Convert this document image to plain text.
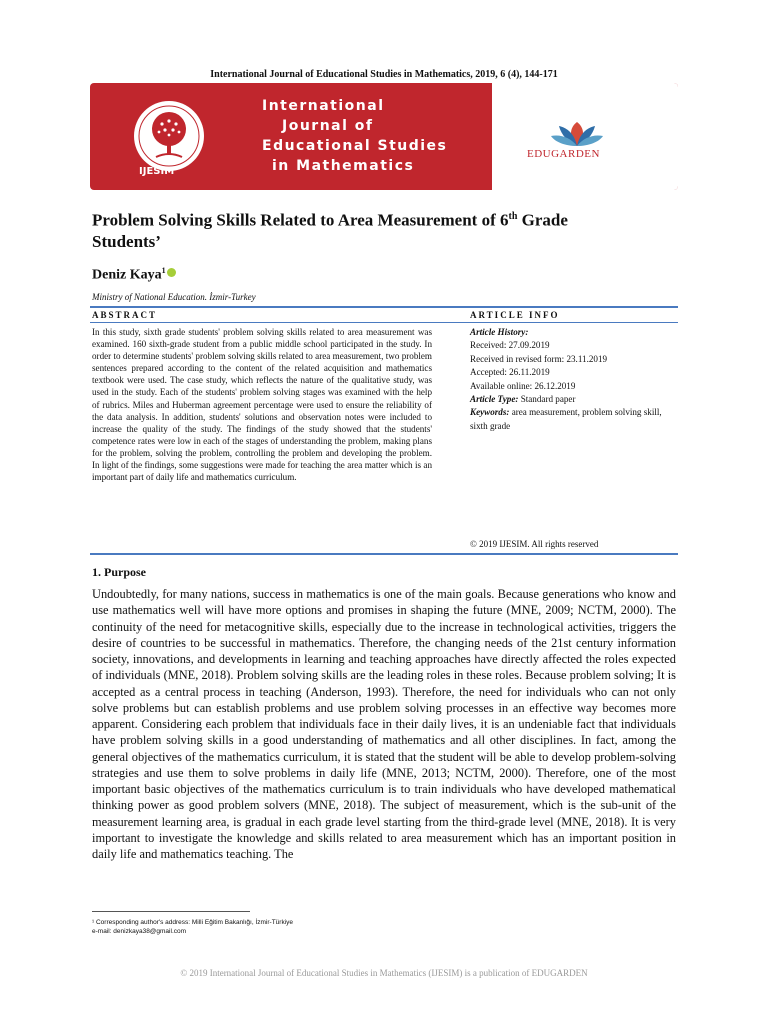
International Journal of Educational Studies in Mathematics, 2019, 6 (4), 144-171
IJESIM
International
Journal of
Educational Studies
in Mathematics
EDUGARDEN
Problem Solving Skills Related to Area Measurement of 6th Grade
Students’
Deniz Kaya$^1$
Ministry of National Education. İzmir-Turkey
ABSTRACT	ARTICLE INFO
In this study, sixth grade students' problem solving skills related to area measurement was examined. 160 sixth-grade student from a public middle school participated in the study. In order to determine students' problem solving skills related to area measurement, two problem sentences prepared according to the content of the related acquisition and mathematics textbook were used. The case study, which reflects the nature of the qualitative study, was used in the study. Each of the students' problem solving stages was examined with the help of rubrics. Miles and Huberman agreement percentage were used to ensure the reliability of the data analysis. In addition, students' solutions and observation notes were included to increase the quality of the study. The findings of the study showed that the students' competence rates were low in each of the stages of understanding the problem, making plans for the problem, solving the problem, controlling the problem and developing the problem. In light of the findings, some suggestions were made for teaching the area matter which is an important part of daily life and mathematics curriculum.
Article History:
Received: 27.09.2019
Received in revised form: 23.11.2019
Accepted: 26.11.2019
Available online: 26.12.2019
Article Type: Standard paper
Keywords: area measurement, problem solving skill, sixth grade
© 2019 IJESIM. All rights reserved
1. Purpose
Undoubtedly, for many nations, success in mathematics is one of the main goals. Because generations who know and use mathematics well will have more options and promises in shaping the future (MNE, 2009; NCTM, 2000). The continuity of the need for metacognitive skills, especially due to the increase in technological activities, triggers the desire of countries to be successful in mathematics. Therefore, the changing needs of the 21st century information society, innovations, and developments in learning and teaching approaches have directly affected the roles expected of individuals (MNE, 2018). Problem solving skills are the leading roles in these roles. Because problem solving; It is accepted as a central process in teaching (Anderson, 1993). Therefore, the need for individuals who can not only solve problems but can establish problems and use problem solving processes in an effective way becomes more apparent. Considering each problem that individuals face in their daily lives, it is an undeniable fact that individuals have problem solving skills in a good understanding of mathematics and all other disciplines. In fact, among the general objectives of the mathematics curriculum, it is stated that the student will be able to develop problem-solving strategies and use them to solve problems in daily life (MNE, 2013; NCTM, 2000). Therefore, one of the most important basic objectives of the mathematics curriculum is to train individuals who have developed mathematical thinking power as good problem solvers (MNE, 2018). The subject of measurement, which is the sub-unit of the measurement learning area, is gradual in each grade level starting from the third-grade level (MNE, 2018). It is very important to investigate the knowledge and skills related to area measurement which has an important position in daily life and mathematics teaching. The
¹ Corresponding author's address: Milli Eğitim Bakanlığı, İzmir-Türkiye
e-mail: denizkaya38@gmail.com
© 2019 International Journal of Educational Studies in Mathematics (IJESIM) is a publication of EDUGARDEN
